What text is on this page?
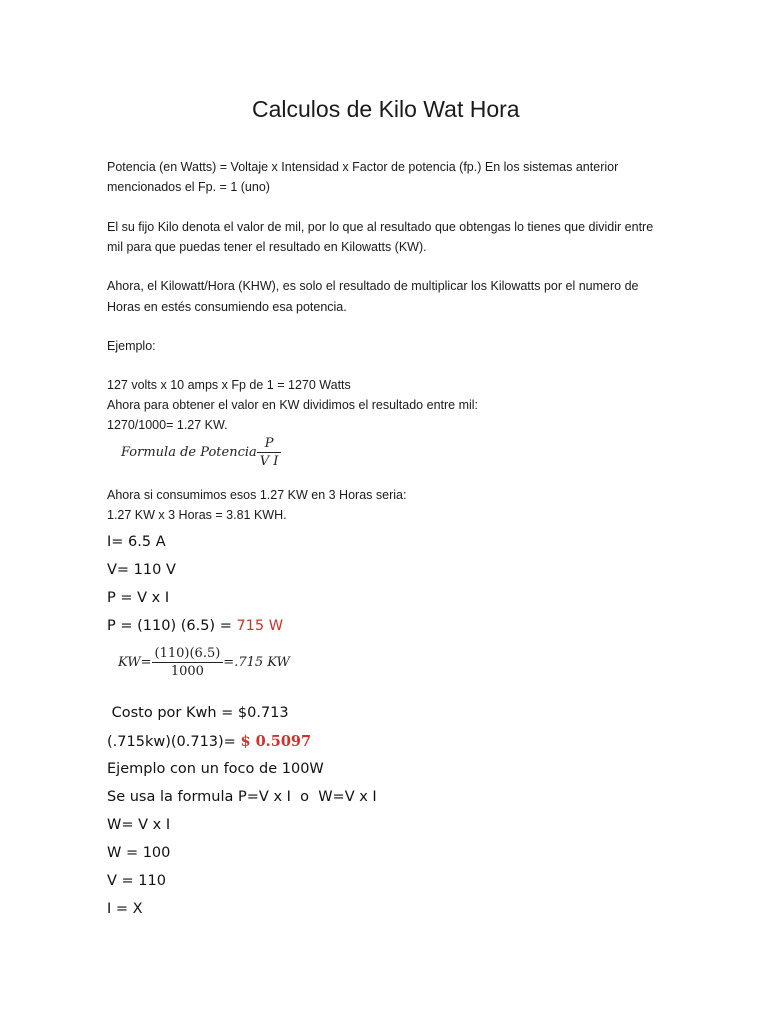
Calculos de Kilo Wat Hora
Potencia (en Watts) = Voltaje x Intensidad x Factor de potencia (fp.) En los sistemas anterior
mencionados el Fp. = 1 (uno)
El su fijo Kilo denota el valor de mil, por lo que al resultado que obtengas lo tienes que dividir entre
mil para que puedas tener el resultado en Kilowatts (KW).
Ahora, el Kilowatt/Hora (KHW), es solo el resultado de multiplicar los Kilowatts por el numero de
Horas en estés consumiendo esa potencia.
Ejemplo:
127 volts x 10 amps x Fp de 1 = 1270 Watts
Ahora para obtener el valor en KW dividimos el resultado entre mil:
1270/1000= 1.27 KW.
Formula de Potencia $\frac{P}{\text{V I}}$
Ahora si consumimos esos 1.27 KW en 3 Horas seria:
1.27 KW x 3 Horas = 3.81 KWH.
I= 6.5 A
V= 110 V
P = V x I
P = (110) (6.5) = 715 W
$KW= \frac{(110)(6.5)}{1000} =.715$ KW
Costo por Kwh = $0.713
(.715kw)(0.713)= $ 0.5097
Ejemplo con un foco de 100W
Se usa la formula P=V x I  o  W=V x I
W= V x I
W = 100
V = 110
I = X
